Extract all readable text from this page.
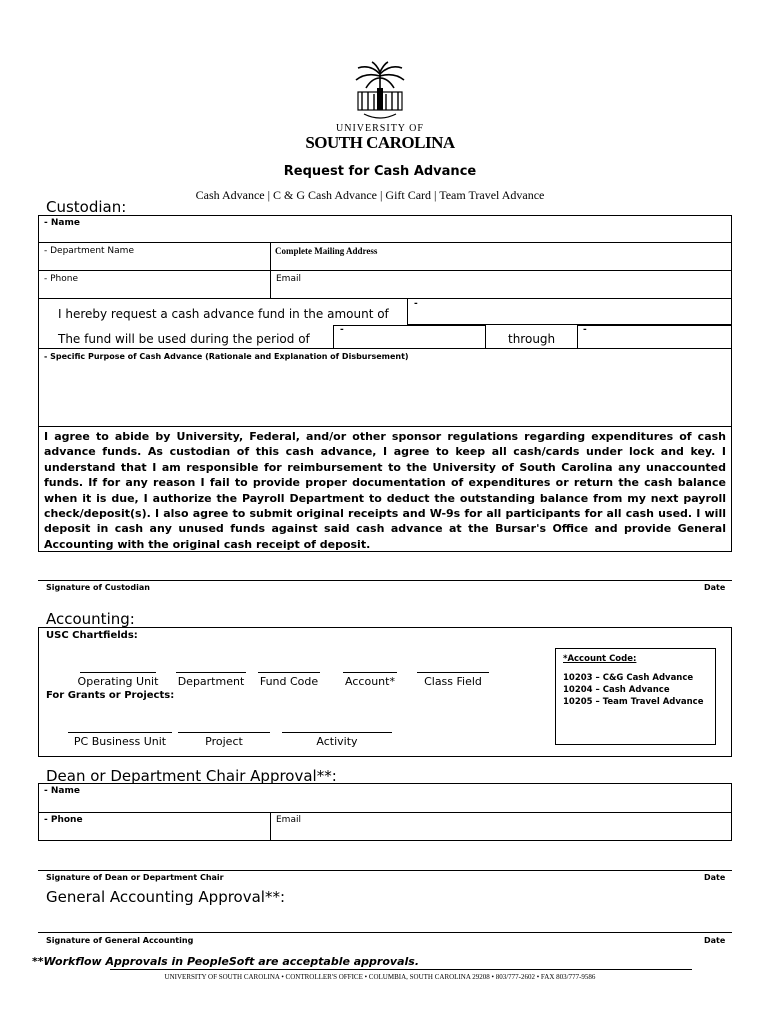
UNIVERSITY OF
SOUTH CAROLINA
Request for Cash Advance
Cash Advance | C & G Cash Advance | Gift Card | Team Travel Advance
Custodian:
- Name
- Department Name	Complete Mailing Address
- Phone	Email
I hereby request a cash advance fund in the amount of
-
The fund will be used during the period of
-
through
-
- Specific Purpose of Cash Advance (Rationale and Explanation of Disbursement)
I agree to abide by University, Federal, and/or other sponsor regulations regarding expenditures of cash advance funds. As custodian of this cash advance, I agree to keep all cash/cards under lock and key. I understand that I am responsible for reimbursement to the University of South Carolina any unaccounted funds. If for any reason I fail to provide proper documentation of expenditures or return the cash balance when it is due, I authorize the Payroll Department to deduct the outstanding balance from my next payroll check/deposit(s). I also agree to submit original receipts and W-9s for all participants for all cash used. I will deposit in cash any unused funds against said cash advance at the Bursar's Office and provide General Accounting with the original cash receipt of deposit.
Signature of Custodian	Date
Accounting:
USC Chartfields:
Operating Unit	Department	Fund Code	Account*	Class Field
For Grants or Projects:
PC Business Unit	Project	Activity
*Account Code:
10203 – C&G Cash Advance
10204 – Cash Advance
10205 – Team Travel Advance
Dean or Department Chair Approval**:
- Name
- Phone	Email
Signature of Dean or Department Chair	Date
General Accounting Approval**:
Signature of General Accounting	Date
**Workflow Approvals in PeopleSoft are acceptable approvals.
UNIVERSITY OF SOUTH CAROLINA • CONTROLLER'S OFFICE • COLUMBIA, SOUTH CAROLINA 29208 • 803/777-2602 • FAX 803/777-9586
